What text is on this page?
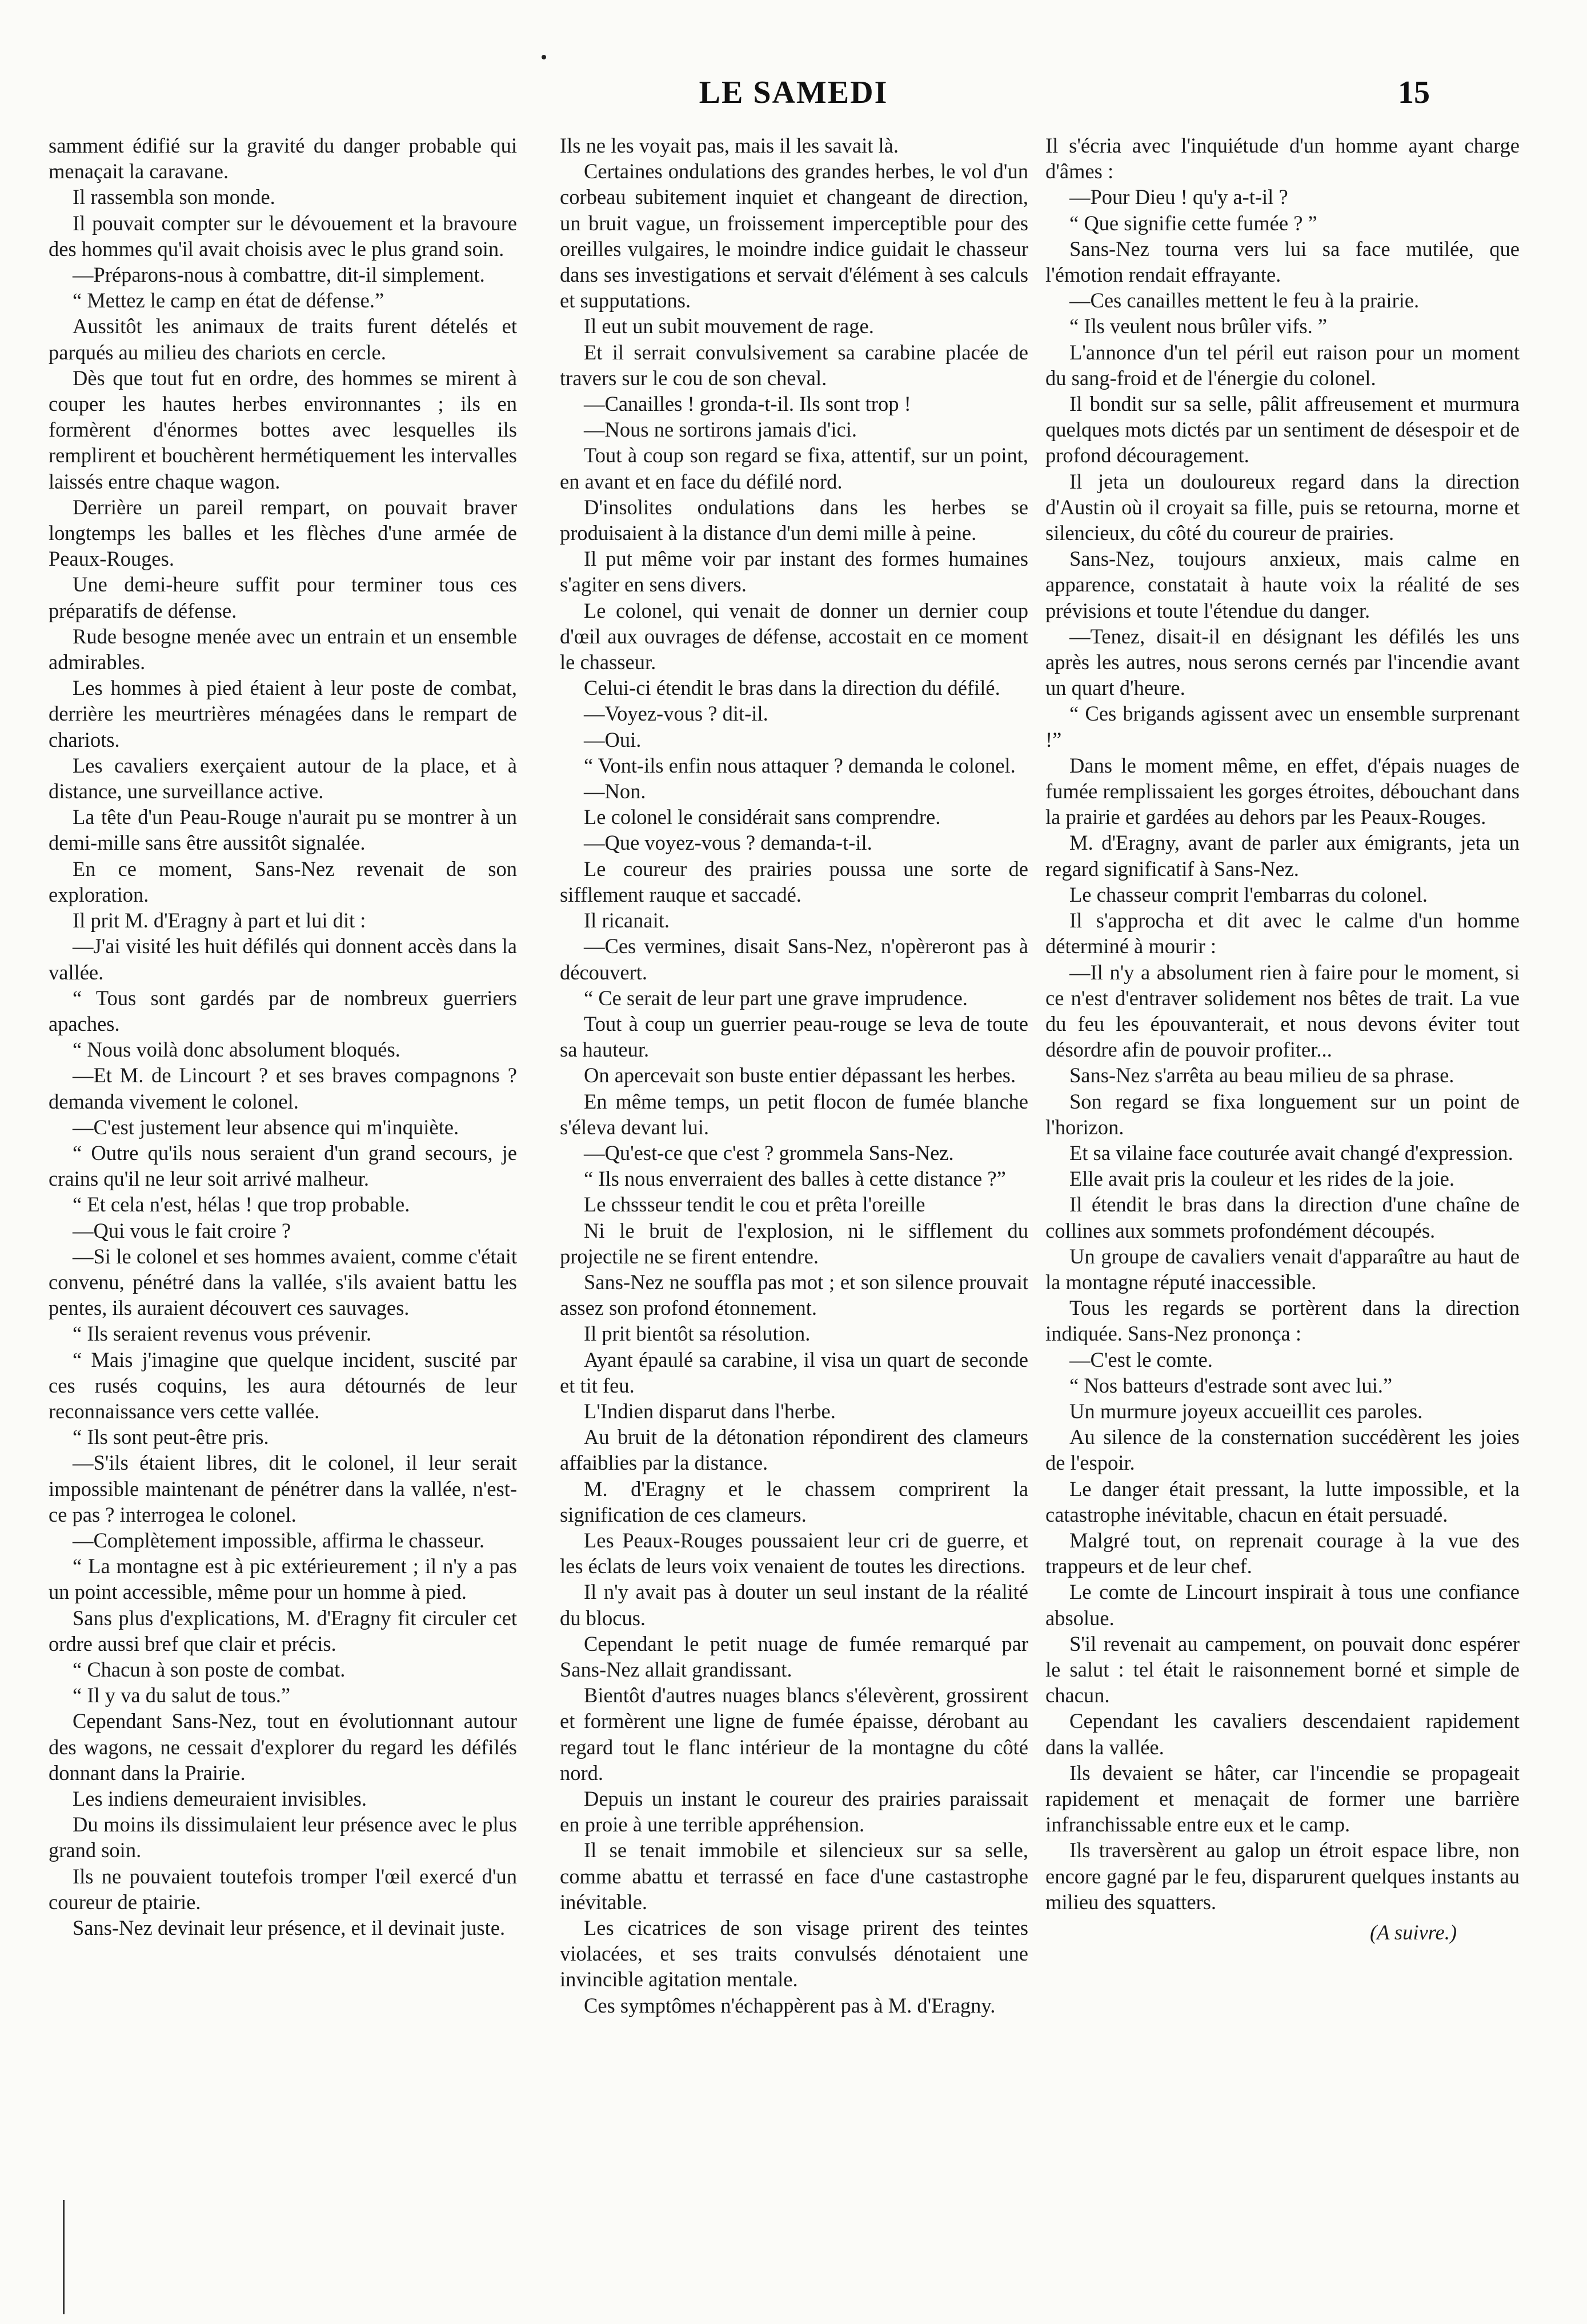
LE SAMEDI	15

samment édifié sur la gravité du danger probable qui menaçait la caravane.

Il rassembla son monde.

Il pouvait compter sur le dévouement et la bravoure des hommes qu'il avait choisis avec le plus grand soin.

—Préparons-nous à combattre, dit-il simplement.

“ Mettez le camp en état de défense.”

Aussitôt les animaux de traits furent dételés et parqués au milieu des chariots en cercle.

Dès que tout fut en ordre, des hommes se mirent à couper les hautes herbes environnantes ; ils en formèrent d'énormes bottes avec lesquelles ils remplirent et bouchèrent hermétiquement les intervalles laissés entre chaque wagon.

Derrière un pareil rempart, on pouvait braver longtemps les balles et les flèches d'une armée de Peaux-Rouges.

Une demi-heure suffit pour terminer tous ces préparatifs de défense.

Rude besogne menée avec un entrain et un ensemble admirables.

Les hommes à pied étaient à leur poste de combat, derrière les meurtrières ménagées dans le rempart de chariots.

Les cavaliers exerçaient autour de la place, et à distance, une surveillance active.

La tête d'un Peau-Rouge n'aurait pu se montrer à un demi-mille sans être aussitôt signalée.

En ce moment, Sans-Nez revenait de son exploration.

Il prit M. d'Eragny à part et lui dit :

—J'ai visité les huit défilés qui donnent accès dans la vallée.

“ Tous sont gardés par de nombreux guerriers apaches.

“ Nous voilà donc absolument bloqués.

—Et M. de Lincourt ? et ses braves compagnons ? demanda vivement le colonel.

—C'est justement leur absence qui m'inquiète.

“ Outre qu'ils nous seraient d'un grand secours, je crains qu'il ne leur soit arrivé malheur.

“ Et cela n'est, hélas ! que trop probable.

—Qui vous le fait croire ?

—Si le colonel et ses hommes avaient, comme c'était convenu, pénétré dans la vallée, s'ils avaient battu les pentes, ils auraient découvert ces sauvages.

“ Ils seraient revenus vous prévenir.

“ Mais j'imagine que quelque incident, suscité par ces rusés coquins, les aura détournés de leur reconnaissance vers cette vallée.

“ Ils sont peut-être pris.

—S'ils étaient libres, dit le colonel, il leur serait impossible maintenant de pénétrer dans la vallée, n'est-ce pas ? interrogea le colonel.

—Complètement impossible, affirma le chasseur.

“ La montagne est à pic extérieurement ; il n'y a pas un point accessible, même pour un homme à pied.

Sans plus d'explications, M. d'Eragny fit circuler cet ordre aussi bref que clair et précis.

“ Chacun à son poste de combat.

“ Il y va du salut de tous.”

Cependant Sans-Nez, tout en évolutionnant autour des wagons, ne cessait d'explorer du regard les défilés donnant dans la Prairie.

Les indiens demeuraient invisibles.

Du moins ils dissimulaient leur présence avec le plus grand soin.

Ils ne pouvaient toutefois tromper l'œil exercé d'un coureur de ptairie.

Sans-Nez devinait leur présence, et il devinait juste.

Ils ne les voyait pas, mais il les savait là.

Certaines ondulations des grandes herbes, le vol d'un corbeau subitement inquiet et changeant de direction, un bruit vague, un froissement imperceptible pour des oreilles vulgaires, le moindre indice guidait le chasseur dans ses investigations et servait d'élément à ses calculs et supputations.

Il eut un subit mouvement de rage.

Et il serrait convulsivement sa carabine placée de travers sur le cou de son cheval.

—Canailles ! gronda-t-il. Ils sont trop !

—Nous ne sortirons jamais d'ici.

Tout à coup son regard se fixa, attentif, sur un point, en avant et en face du défilé nord.

D'insolites ondulations dans les herbes se produisaient à la distance d'un demi mille à peine.

Il put même voir par instant des formes humaines s'agiter en sens divers.

Le colonel, qui venait de donner un dernier coup d'œil aux ouvrages de défense, accostait en ce moment le chasseur.

Celui-ci étendit le bras dans la direction du défilé.

—Voyez-vous ? dit-il.

—Oui.

“ Vont-ils enfin nous attaquer ? demanda le colonel.

—Non.

Le colonel le considérait sans comprendre.

—Que voyez-vous ? demanda-t-il.

Le coureur des prairies poussa une sorte de sifflement rauque et saccadé.

Il ricanait.

—Ces vermines, disait Sans-Nez, n'opèreront pas à découvert.

“ Ce serait de leur part une grave imprudence.

Tout à coup un guerrier peau-rouge se leva de toute sa hauteur.

On apercevait son buste entier dépassant les herbes.

En même temps, un petit flocon de fumée blanche s'éleva devant lui.

—Qu'est-ce que c'est ? grommela Sans-Nez.

“ Ils nous enverraient des balles à cette distance ?”

Le chssseur tendit le cou et prêta l'oreille

Ni le bruit de l'explosion, ni le sifflement du projectile ne se firent entendre.

Sans-Nez ne souffla pas mot ; et son silence prouvait assez son profond étonnement.

Il prit bientôt sa résolution.

Ayant épaulé sa carabine, il visa un quart de seconde et tit feu.

L'Indien disparut dans l'herbe.

Au bruit de la détonation répondirent des clameurs affaiblies par la distance.

M. d'Eragny et le chassem comprirent la signification de ces clameurs.

Les Peaux-Rouges poussaient leur cri de guerre, et les éclats de leurs voix venaient de toutes les directions.

Il n'y avait pas à douter un seul instant de la réalité du blocus.

Cependant le petit nuage de fumée remarqué par Sans-Nez allait grandissant.

Bientôt d'autres nuages blancs s'élevèrent, grossirent et formèrent une ligne de fumée épaisse, dérobant au regard tout le flanc intérieur de la montagne du côté nord.

Depuis un instant le coureur des prairies paraissait en proie à une terrible appréhension.

Il se tenait immobile et silencieux sur sa selle, comme abattu et terrassé en face d'une castastrophe inévitable.

Les cicatrices de son visage prirent des teintes violacées, et ses traits convulsés dénotaient une invincible agitation mentale.

Ces symptômes n'échappèrent pas à M. d'Eragny.

Il s'écria avec l'inquiétude d'un homme ayant charge d'âmes :

—Pour Dieu ! qu'y a-t-il ?

“ Que signifie cette fumée ? ”

Sans-Nez tourna vers lui sa face mutilée, que l'émotion rendait effrayante.

—Ces canailles mettent le feu à la prairie.

“ Ils veulent nous brûler vifs. ”

L'annonce d'un tel péril eut raison pour un moment du sang-froid et de l'énergie du colonel.

Il bondit sur sa selle, pâlit affreusement et murmura quelques mots dictés par un sentiment de désespoir et de profond découragement.

Il jeta un douloureux regard dans la direction d'Austin où il croyait sa fille, puis se retourna, morne et silencieux, du côté du coureur de prairies.

Sans-Nez, toujours anxieux, mais calme en apparence, constatait à haute voix la réalité de ses prévisions et toute l'étendue du danger.

—Tenez, disait-il en désignant les défilés les uns après les autres, nous serons cernés par l'incendie avant un quart d'heure.

“ Ces brigands agissent avec un ensemble surprenant !”

Dans le moment même, en effet, d'épais nuages de fumée remplissaient les gorges étroites, débouchant dans la prairie et gardées au dehors par les Peaux-Rouges.

M. d'Eragny, avant de parler aux émigrants, jeta un regard significatif à Sans-Nez.

Le chasseur comprit l'embarras du colonel.

Il s'approcha et dit avec le calme d'un homme déterminé à mourir :

—Il n'y a absolument rien à faire pour le moment, si ce n'est d'entraver solidement nos bêtes de trait. La vue du feu les épouvanterait, et nous devons éviter tout désordre afin de pouvoir profiter...

Sans-Nez s'arrêta au beau milieu de sa phrase.

Son regard se fixa longuement sur un point de l'horizon.

Et sa vilaine face couturée avait changé d'expression.

Elle avait pris la couleur et les rides de la joie.

Il étendit le bras dans la direction d'une chaîne de collines aux sommets profondément découpés.

Un groupe de cavaliers venait d'apparaître au haut de la montagne réputé inaccessible.

Tous les regards se portèrent dans la direction indiquée. Sans-Nez prononça :

—C'est le comte.

“ Nos batteurs d'estrade sont avec lui.”

Un murmure joyeux accueillit ces paroles.

Au silence de la consternation succédèrent les joies de l'espoir.

Le danger était pressant, la lutte impossible, et la catastrophe inévitable, chacun en était persuadé.

Malgré tout, on reprenait courage à la vue des trappeurs et de leur chef.

Le comte de Lincourt inspirait à tous une confiance absolue.

S'il revenait au campement, on pouvait donc espérer le salut : tel était le raisonnement borné et simple de chacun.

Cependant les cavaliers descendaient rapidement dans la vallée.

Ils devaient se hâter, car l'incendie se propageait rapidement et menaçait de former une barrière infranchissable entre eux et le camp.

Ils traversèrent au galop un étroit espace libre, non encore gagné par le feu, disparurent quelques instants au milieu des squatters.

(A suivre.)
